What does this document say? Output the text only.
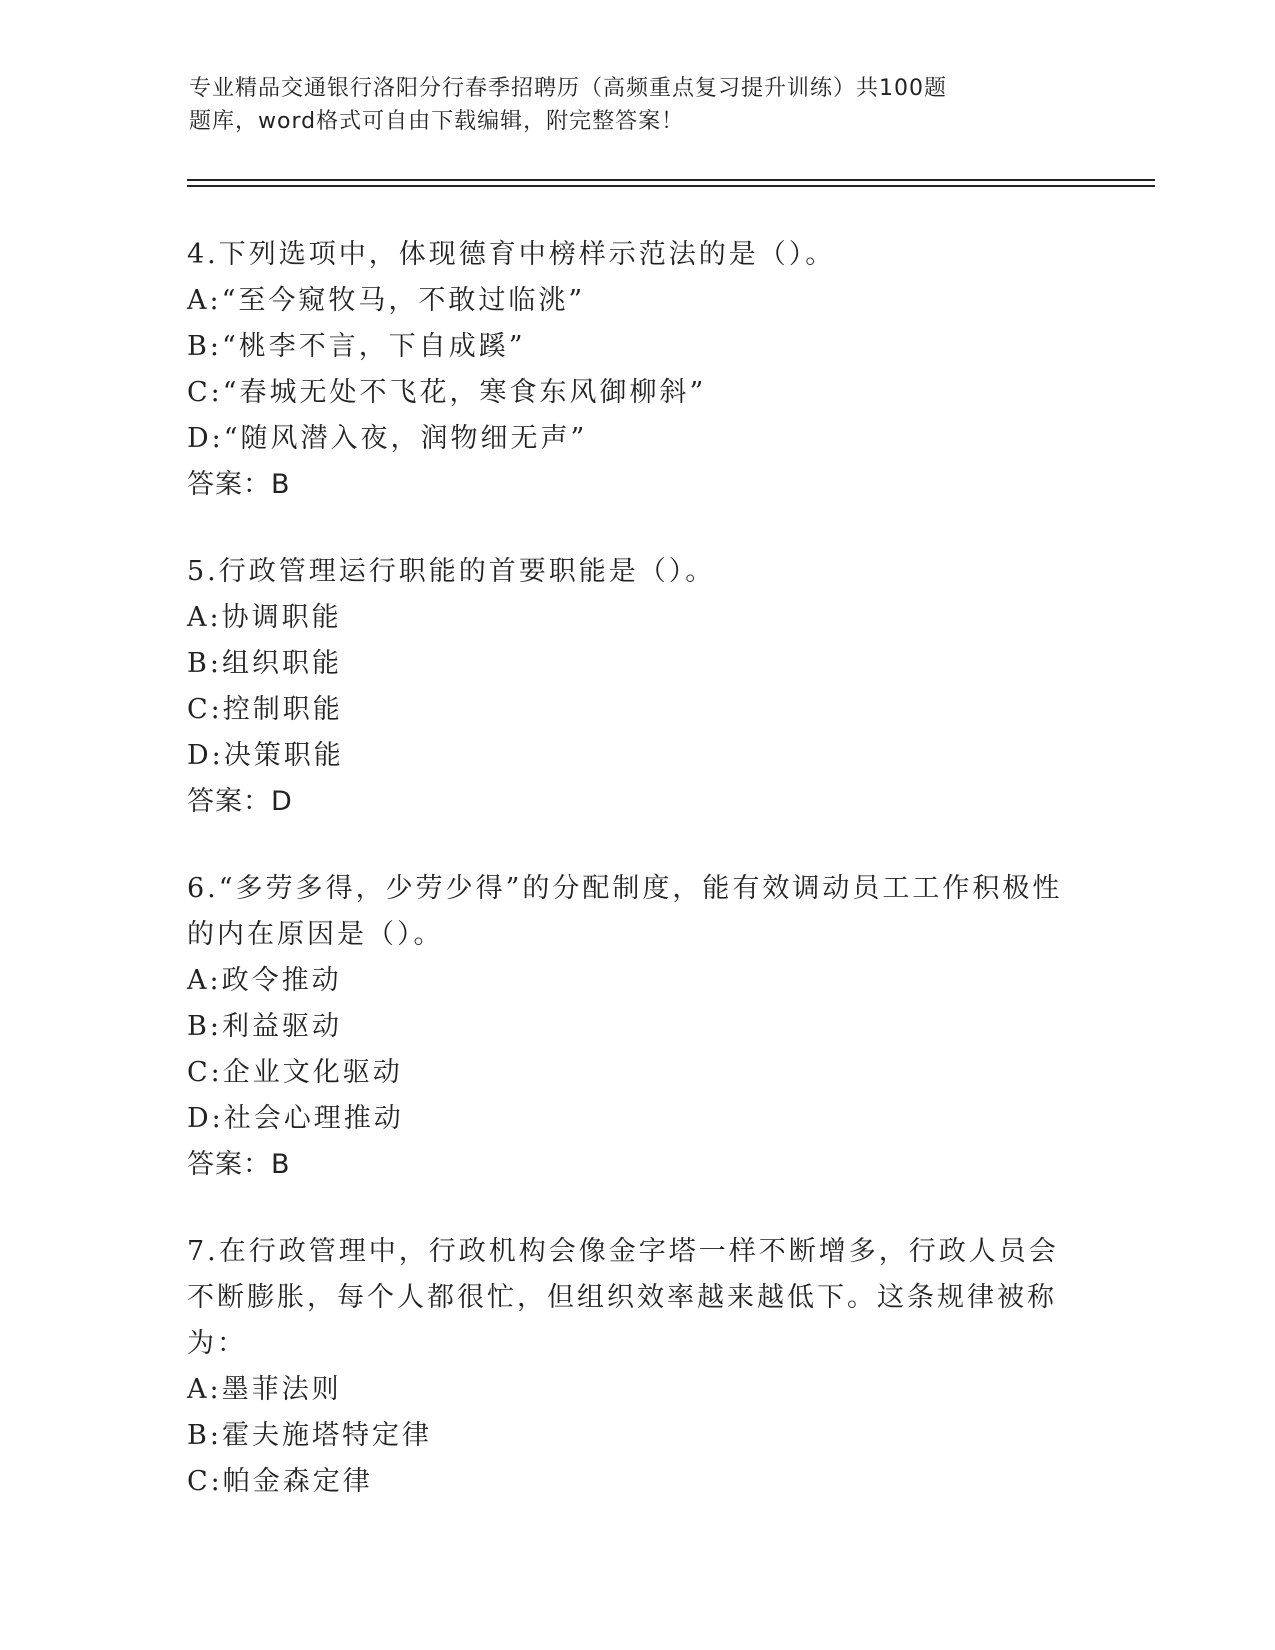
专业精品交通银行洛阳分行春季招聘历（高频重点复习提升训练）共100题
题库，word格式可自由下载编辑，附完整答案！
4.下列选项中，体现德育中榜样示范法的是（）。
A:“至今窥牧马，不敢过临洮”
B:“桃李不言，下自成蹊”
C:“春城无处不飞花，寒食东风御柳斜”
D:“随风潜入夜，润物细无声”
答案：B
5.行政管理运行职能的首要职能是（）。
A:协调职能
B:组织职能
C:控制职能
D:决策职能
答案：D
6.“多劳多得，少劳少得”的分配制度，能有效调动员工工作积极性的内在原因是（）。
A:政令推动
B:利益驱动
C:企业文化驱动
D:社会心理推动
答案：B
7.在行政管理中，行政机构会像金字塔一样不断增多，行政人员会不断膨胀，每个人都很忙，但组织效率越来越低下。这条规律被称为：
A:墨菲法则
B:霍夫施塔特定律
C:帕金森定律
